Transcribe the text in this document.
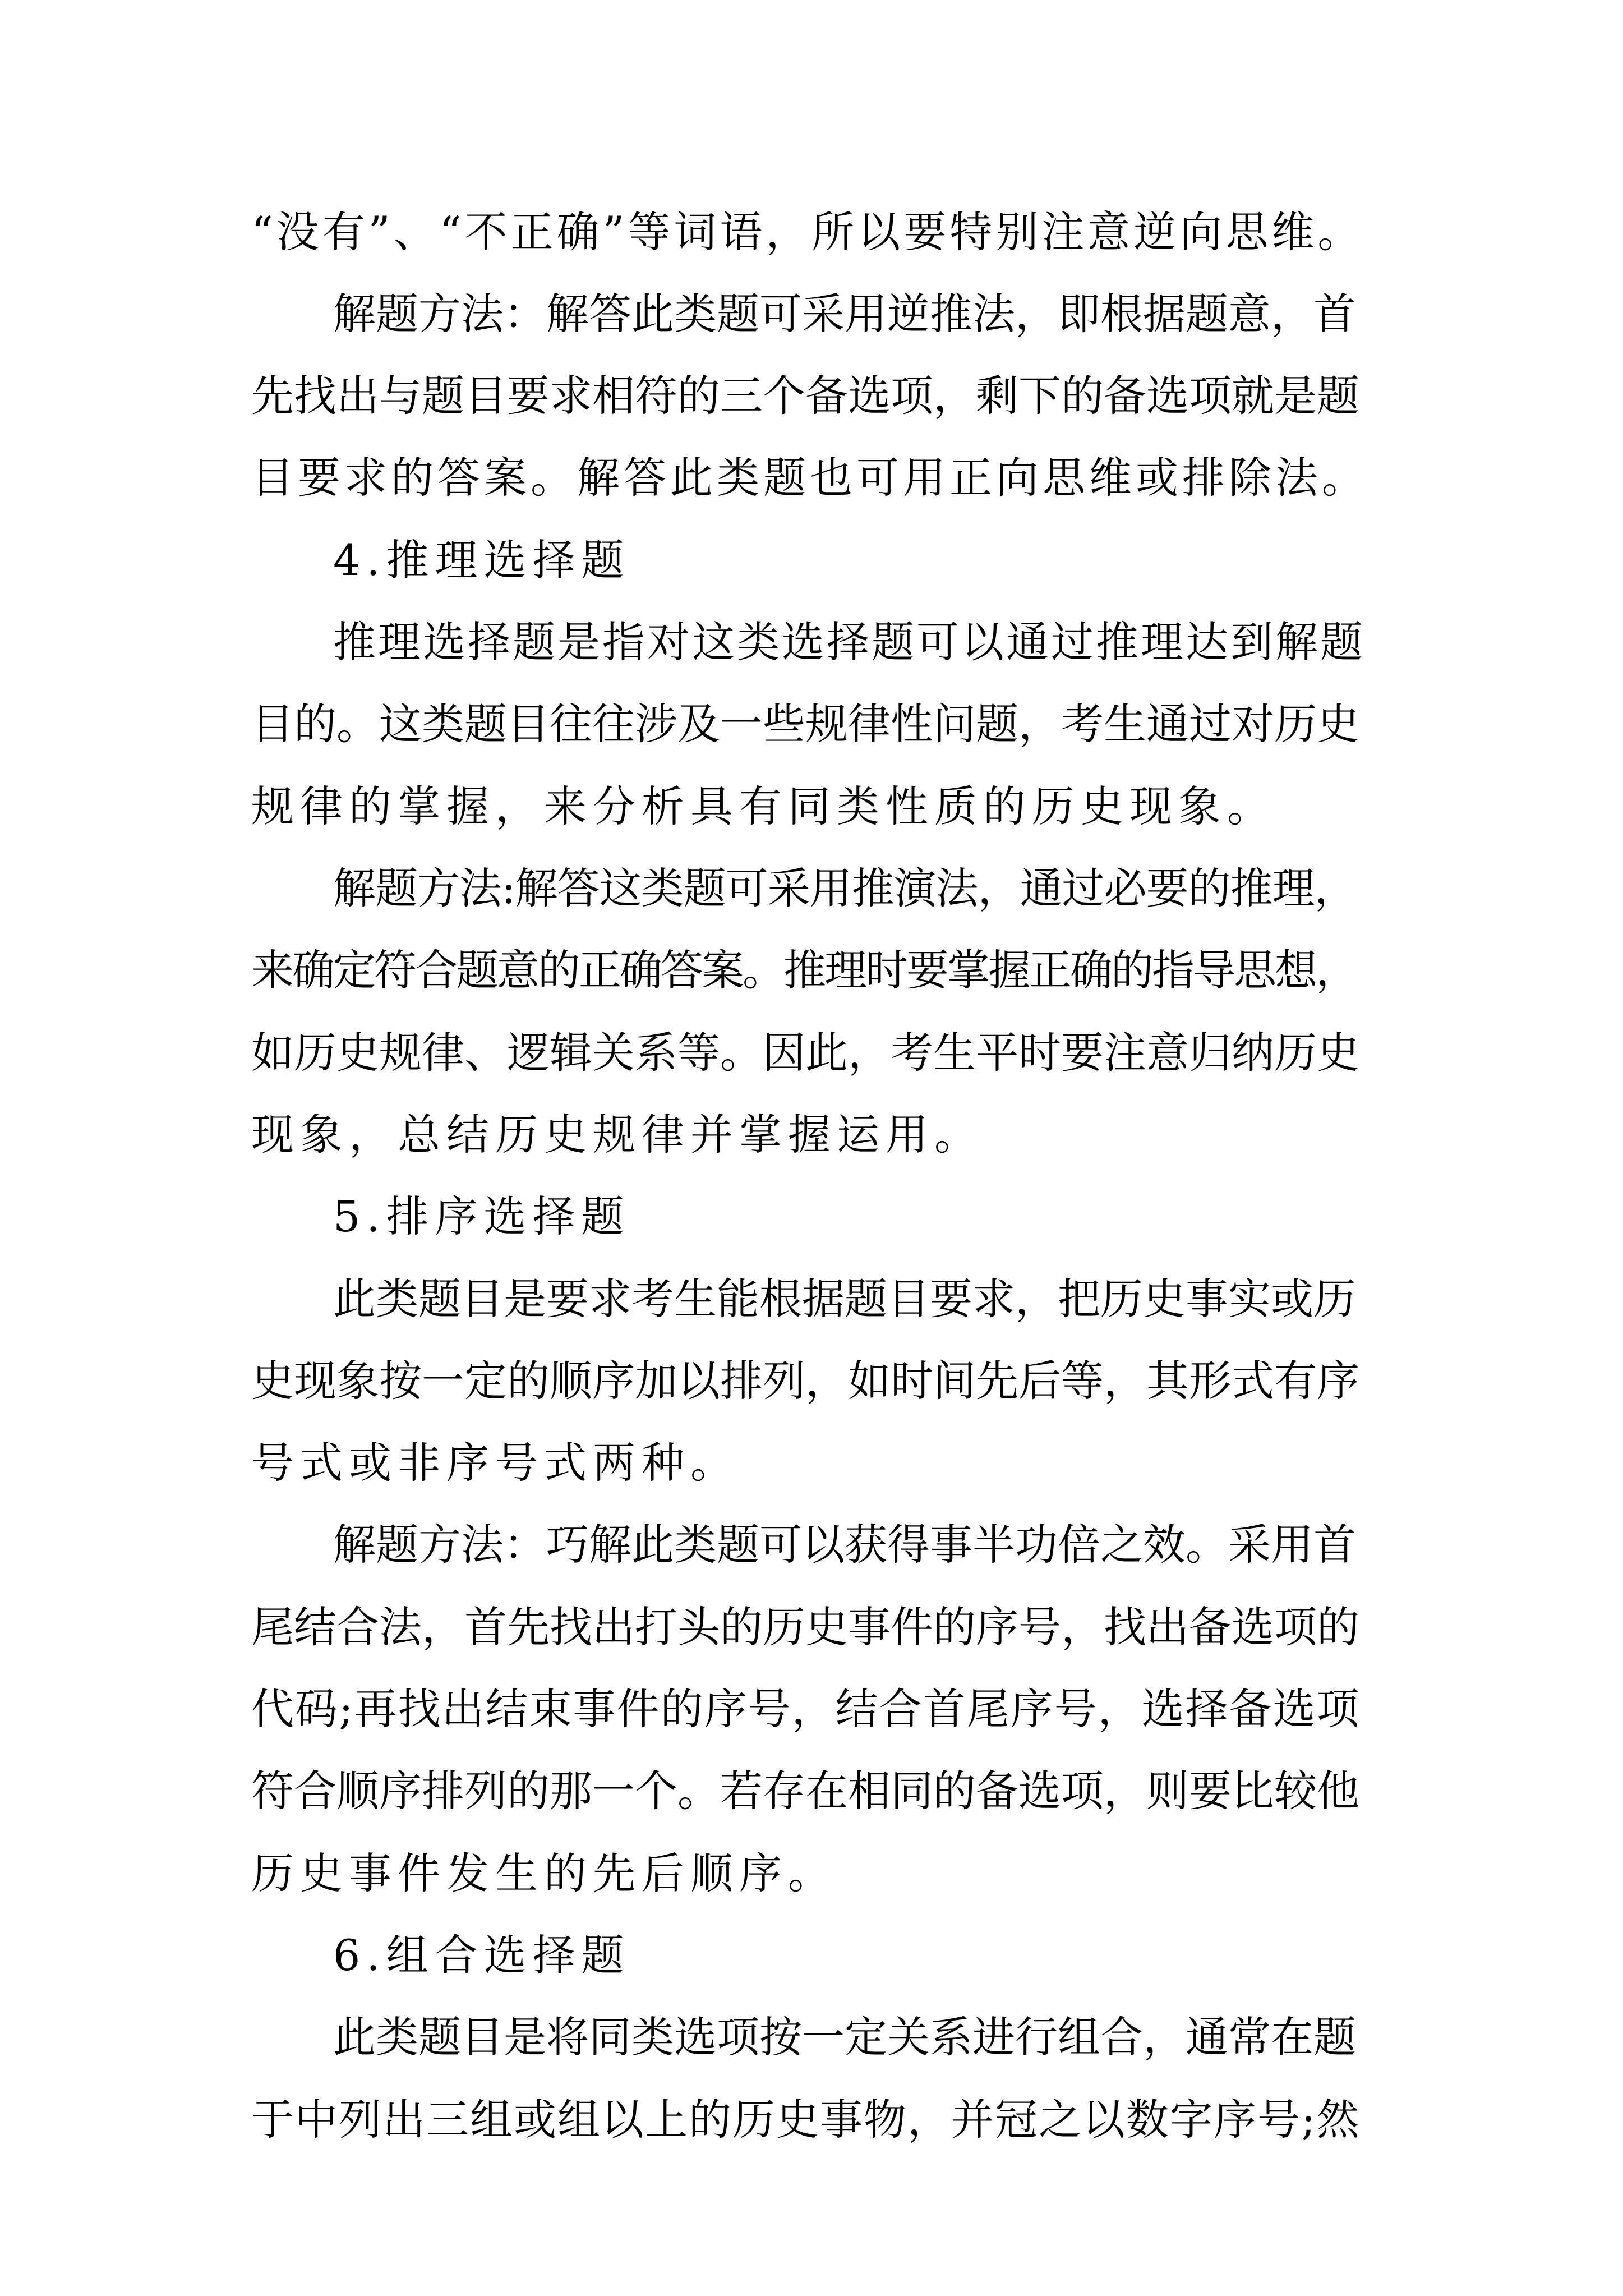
“没有”、“不正确”等词语，所以要特别注意逆向思维。

解题方法：解答此类题可采用逆推法，即根据题意，首

先找出与题目要求相符的三个备选项，剩下的备选项就是题

目要求的答案。解答此类题也可用正向思维或排除法。

4.推理选择题

推理选择题是指对这类选择题可以通过推理达到解题

目的。这类题目往往涉及一些规律性问题，考生通过对历史

规律的掌握，来分析具有同类性质的历史现象。

解题方法:解答这类题可采用推演法，通过必要的推理，

来确定符合题意的正确答案。推理时要掌握正确的指导思想，

如历史规律、逻辑关系等。因此，考生平时要注意归纳历史

现象，总结历史规律并掌握运用。

5.排序选择题

此类题目是要求考生能根据题目要求，把历史事实或历

史现象按一定的顺序加以排列，如时间先后等，其形式有序

号式或非序号式两种。

解题方法：巧解此类题可以获得事半功倍之效。采用首

尾结合法，首先找出打头的历史事件的序号，找出备选项的

代码;再找出结束事件的序号，结合首尾序号，选择备选项

符合顺序排列的那一个。若存在相同的备选项，则要比较他

历史事件发生的先后顺序。

6.组合选择题

此类题目是将同类选项按一定关系进行组合，通常在题

于中列出三组或组以上的历史事物，并冠之以数字序号;然
